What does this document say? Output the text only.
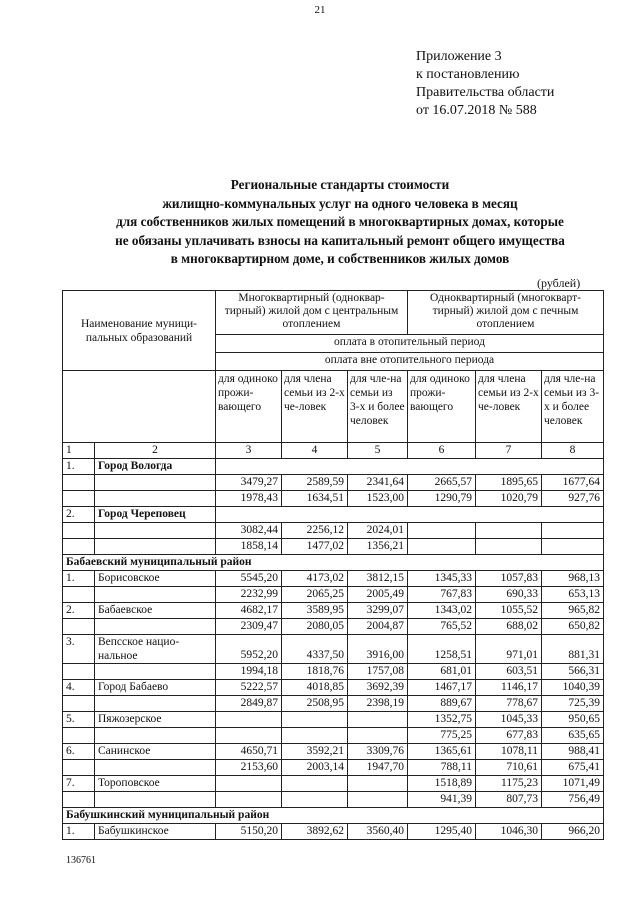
21
Приложение 3
к постановлению
Правительства области
от 16.07.2018 № 588
Региональные стандарты стоимости
жилищно-коммунальных услуг на одного человека в месяц
для собственников жилых помещений в многоквартирных домах, которые
не обязаны уплачивать взносы на капитальный ремонт общего имущества
в многоквартирном доме, и собственников жилых домов
(рублей)
Наименование муници-пальных образований		Многоквартирный (одноквар-тирный) жилой дом с центральным отоплением			Одноквартирный (многокварт-тирный) жилой дом с печным отоплением		
		оплата в отопительный период					
		оплата вне отопительного периода					
		для одиноко прожи-вающего	для члена семьи из 2-х че-ловек	для чле-на семьи из 3-х и более человек	для одиноко прожи-вающего	для члена семьи из 2-х че-ловек	для чле-на семьи из 3-х и более человек
1	2	3	4	5	6	7	8
1.	Город Вологда						
		3479,27	2589,59	2341,64	2665,57	1895,65	1677,64
		1978,43	1634,51	1523,00	1290,79	1020,79	927,76
2.	Город Череповец						
		3082,44	2256,12	2024,01			
		1858,14	1477,02	1356,21			
Бабаевский муниципальный район							
1.	Борисовское	5545,20	4173,02	3812,15	1345,33	1057,83	968,13
		2232,99	2065,25	2005,49	767,83	690,33	653,13
2.	Бабаевское	4682,17	3589,95	3299,07	1343,02	1055,52	965,82
		2309,47	2080,05	2004,87	765,52	688,02	650,82
3.	Вепсское нацио-нальное	5952,20	4337,50	3916,00	1258,51	971,01	881,31
		1994,18	1818,76	1757,08	681,01	603,51	566,31
4.	Город Бабаево	5222,57	4018,85	3692,39	1467,17	1146,17	1040,39
		2849,87	2508,95	2398,19	889,67	778,67	725,39
5.	Пяжозерское				1352,75	1045,33	950,65
					775,25	677,83	635,65
6.	Санинское	4650,71	3592,21	3309,76	1365,61	1078,11	988,41
		2153,60	2003,14	1947,70	788,11	710,61	675,41
7.	Тороповское				1518,89	1175,23	1071,49
					941,39	807,73	756,49
Бабушкинский муниципальный район							
1.	Бабушкинское	5150,20	3892,62	3560,40	1295,40	1046,30	966,20
136761
